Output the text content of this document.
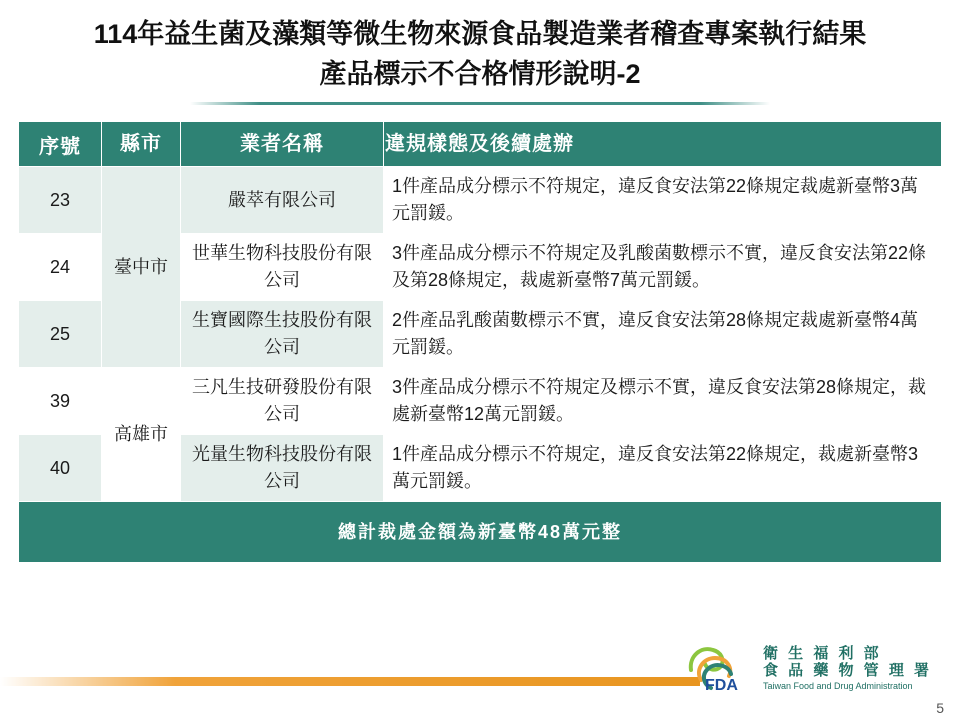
114年益生菌及藻類等微生物來源食品製造業者稽查專案執行結果
產品標示不合格情形說明-2
序號	縣市	業者名稱	違規樣態及後續處辦
23	臺中市	嚴萃有限公司	1件產品成分標示不符規定，違反食安法第22條規定裁處新臺幣3萬元罰鍰。
24		世華生物科技股份有限公司	3件產品成分標示不符規定及乳酸菌數標示不實，違反食安法第22條及第28條規定，裁處新臺幣7萬元罰鍰。
25		生寶國際生技股份有限公司	2件產品乳酸菌數標示不實，違反食安法第28條規定裁處新臺幣4萬元罰鍰。
39	高雄市	三凡生技研發股份有限公司	3件產品成分標示不符規定及標示不實，違反食安法第28條規定，裁處新臺幣12萬元罰鍰。
40		光量生物科技股份有限公司	1件產品成分標示不符規定，違反食安法第22條規定，裁處新臺幣3萬元罰鍰。
總計裁處金額為新臺幣48萬元整			
FDA
衛 生 福 利 部
食 品 藥 物 管 理 署
Taiwan Food and Drug Administration
5
